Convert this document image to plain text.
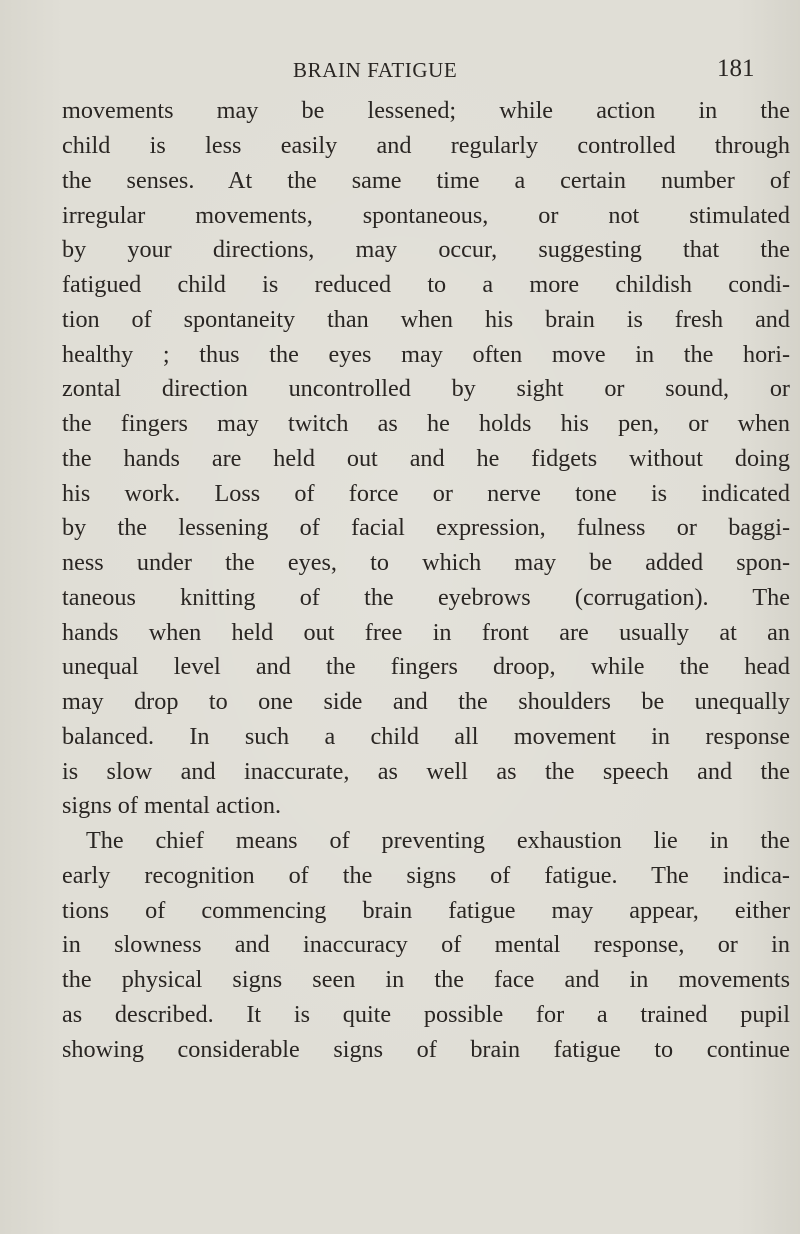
BRAIN FATIGUE	181
movements may be lessened; while action in the
child is less easily and regularly controlled through
the senses. At the same time a certain number of
irregular movements, spontaneous, or not stimulated
by your directions, may occur, suggesting that the
fatigued child is reduced to a more childish condi-
tion of spontaneity than when his brain is fresh and
healthy ; thus the eyes may often move in the hori-
zontal direction uncontrolled by sight or sound, or
the fingers may twitch as he holds his pen, or when
the hands are held out and he fidgets without doing
his work. Loss of force or nerve tone is indicated
by the lessening of facial expression, fulness or baggi-
ness under the eyes, to which may be added spon-
taneous knitting of the eyebrows (corrugation). The
hands when held out free in front are usually at an
unequal level and the fingers droop, while the head
may drop to one side and the shoulders be unequally
balanced. In such a child all movement in response
is slow and inaccurate, as well as the speech and the
signs of mental action.
The chief means of preventing exhaustion lie in the
early recognition of the signs of fatigue. The indica-
tions of commencing brain fatigue may appear, either
in slowness and inaccuracy of mental response, or in
the physical signs seen in the face and in movements
as described. It is quite possible for a trained pupil
showing considerable signs of brain fatigue to continue
